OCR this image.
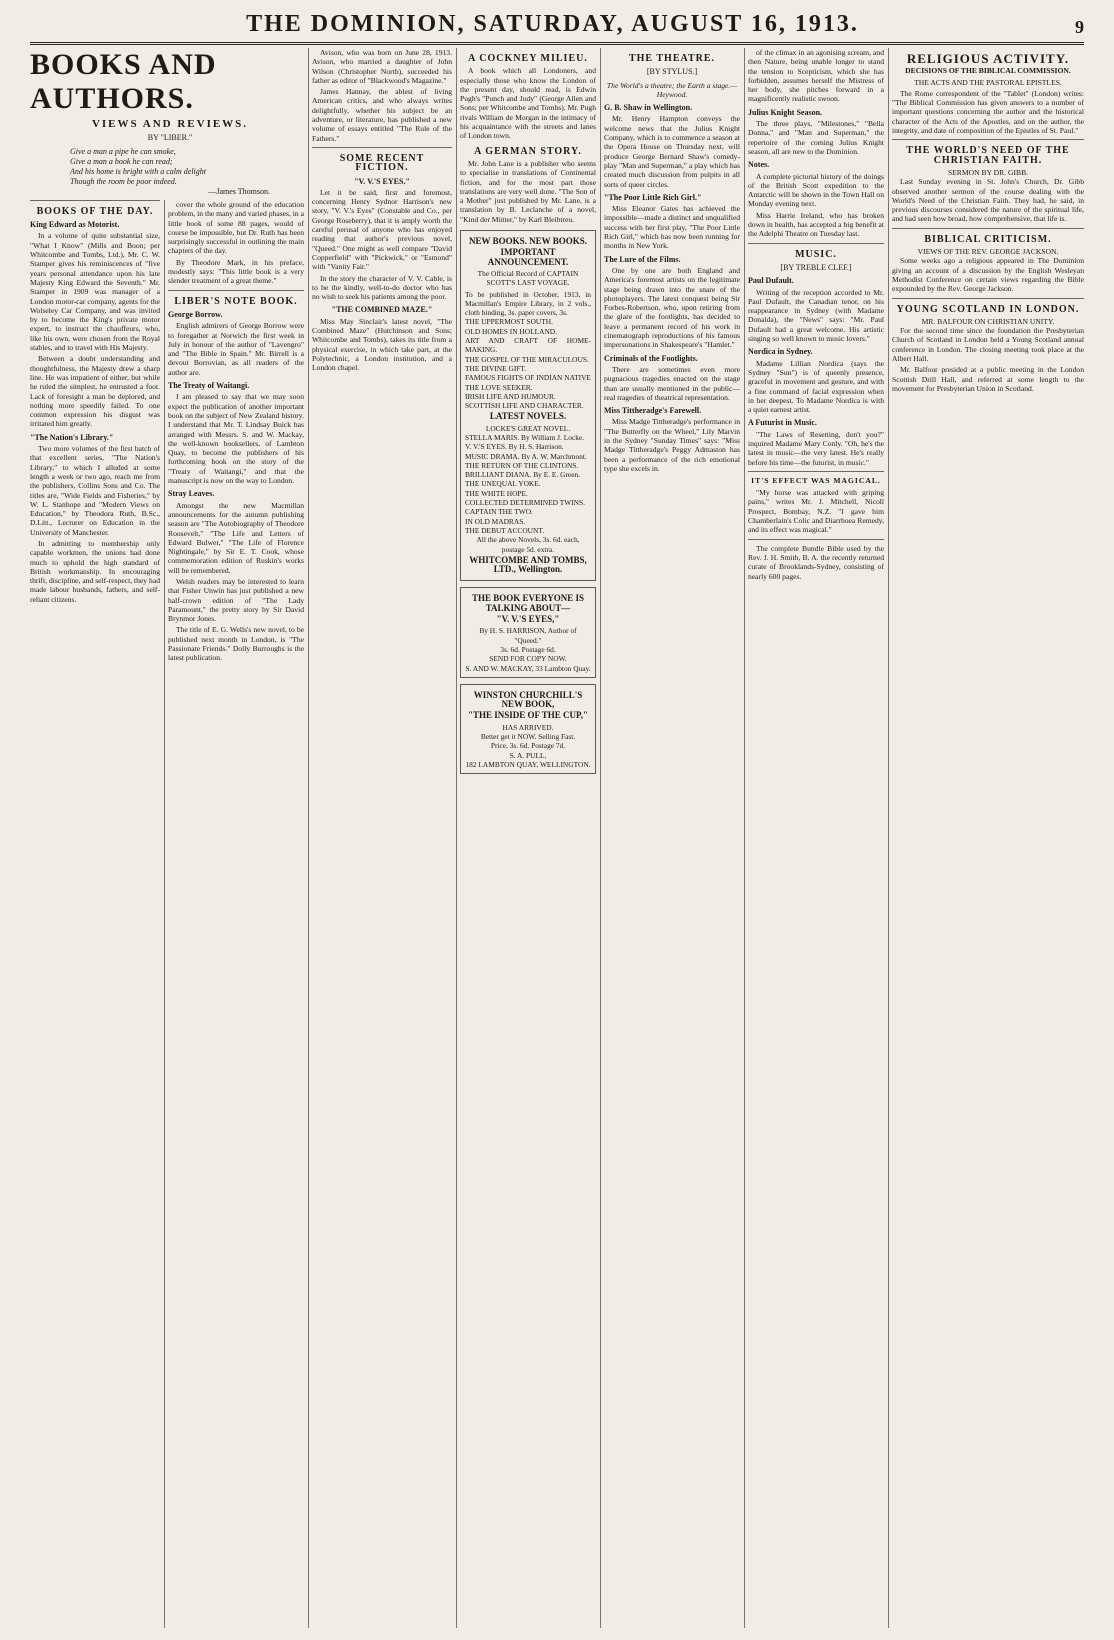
THE DOMINION, SATURDAY, AUGUST 16, 1913.	9
BOOKS AND AUTHORS.
VIEWS AND REVIEWS.
BY "LIBER."
Give a man a pipe he can smoke,
Give a man a book he can read;
And his home is bright with a calm delight
Though the room be poor indeed.
—James Thomson.
BOOKS OF THE DAY.
King Edward as Motorist.

In a volume of quite substantial size, "What I Know" (Mills and Boon; per Whitcombe and Tombs, Ltd.), Mr. C. W. Stamper gives his reminiscences of "five years personal attendance upon his late Majesty King Edward the Seventh." Mr. Stamper in 1909 was manager of a London motor-car company, agents for the Wolseley Car Company, and was invited by to become the King's private motor expert, to instruct the chauffeurs, who, like his own, were chosen from the Royal stables, and to travel with His Majesty.

Between a doubt understanding and thoughtfulness, the Majesty drew a sharp line. He was impatient of either, but while he ruled the simplest, he entrusted a foot. Lack of foresight a man be deplored, and nothing more speedily failed. To one common expression his disgust was irritated him greatly.

"The Nation's Library."

Two more volumes of the first batch of that excellent series, "The Nation's Library," to which I alluded at some length a week or two ago, reach me from the publishers, Collins Sons and Co. The titles are, "Wide Fields and Fisheries," by W. L. Stanhope and "Modern Views on Education," by Theodora Ruth, B.Sc., D.Litt., Lecturer on Education in the University of Manchester.

In admitting to membership only capable workmen, the unions had done much to uphold the high standard of British workmanship. In encouraging thrift, discipline, and self-respect, they had made labour husbands, fathers, and self-reliant citizens.

cover the whole ground of the education problem, in the many and varied phases, in a little book of some 88 pages, would of course be impossible, but Dr. Ruth has been surprisingly successful in outlining the main chapters of the day.

By Theodore Mark, in his preface, modestly says: "This little book is a very slender treatment of a great theme."

LIBER'S NOTE BOOK.
George Borrow.

English admirers of George Borrow were to foregather at Norwich the first week in July in honour of the author of "Lavengro" and "The Bible in Spain." Mr. Birrell is a devout Borrovian, as all readers of the author are.

The Treaty of Waitangi.

I am pleased to say that we may soon expect the publication of another important book on the subject of New Zealand history. I understand that Mr. T. Lindsay Buick has arranged with Messrs. S. and W. Mackay, the well-known booksellers, of Lambton Quay, to become the publishers of his forthcoming book on the story of the "Treaty of Waitangi," and that the manuscript is now on the way to London.

Stray Leaves.

Amongst the new Macmillan announcements for the autumn publishing season are "The Autobiography of Theodore Roosevelt," "The Life and Letters of Edward Bulwer," "The Life of Florence Nightingale," by Sir E. T. Cook, whose commemoration edition of Ruskin's works will be remembered.

Welsh readers may be interested to learn that Fisher Unwin has just published a new half-crown edition of "The Lady Paramount," the pretty story by Sir David Brynmor Jones.

The title of E. G. Wells's new novel, to be published next month in London, is "The Passionate Friends." Dolly Burroughs is the latest publication.

Avison, who was born on June 28, 1913. Avison, who married a daughter of John Wilson (Christopher North), succeeded his father as editor of "Blackwood's Magazine."

James Hannay, the ablest of living American critics, and who always writes delightfully, whether his subject be an adventure, or literature, has published a new volume of essays entitled "The Rule of the Fathers."

SOME RECENT FICTION.
"V. V.'S EYES."

Let it be said, first and foremost, concerning Henry Sydnor Harrison's new story, "V. V.'s Eyes" (Constable and Co., per George Roseberry), that it is amply worth the careful perusal of anyone who has enjoyed reading that author's previous novel, "Queed." One might as well compare "David Copperfield" with "Pickwick," or "Esmond" with "Vanity Fair."

In the story the character of V. V. Cable, is to be the kindly, well-to-do doctor who has no wish to seek his patients among the poor.

"THE COMBINED MAZE."

Miss May Sinclair's latest novel, "The Combined Maze" (Hutchinson and Sons; Whitcombe and Tombs), takes its title from a physical exercise, in which take part, at the Polytechnic, a London institution, and a London chapel.

A COCKNEY MILIEU.

A book which all Londoners, and especially those who know the London of the present day, should read, is Edwin Pugh's "Punch and Judy" (George Allen and Sons; per Whitcombe and Tombs). Mr. Pugh rivals William de Morgan in the intimacy of his acquaintance with the streets and lanes of London town.

A GERMAN STORY.

Mr. John Lane is a publisher who seems to specialise in translations of Continental fiction, and for the most part those translations are very well done. "The Son of a Mother" just published by Mr. Lane, is a translation by B. Leclanche of a novel, "Kind der Mütter," by Karl Bleibtreu.

NEW BOOKS. NEW BOOKS.
IMPORTANT ANNOUNCEMENT.
The Official Record of CAPTAIN SCOTT'S LAST VOYAGE.
To be published in October, 1913, in Macmillan's Empire Library, in 2 vols., cloth binding, 3s. paper covers, 3s.
THE UPPERMOST SOUTH.
OLD HOMES IN HOLLAND.
ART AND CRAFT OF HOME-MAKING.
THE GOSPEL OF THE MIRACULOUS.
THE DIVINE GIFT.
FAMOUS FIGHTS OF INDIAN NATIVE
THE LOVE SEEKER.
IRISH LIFE AND HUMOUR.
SCOTTISH LIFE AND CHARACTER.
LATEST NOVELS.
LOCKE'S GREAT NOVEL.
STELLA MARIS. By William J. Locke.
V. V.'S EYES. By H. S. Harrison.
MUSIC DRAMA. By A. W. Marchmont.
THE RETURN OF THE CLINTONS.
BRILLIANT DIANA. By E. E. Green.
THE UNEQUAL YOKE.
THE WHITE HOPE.
COLLECTED DETERMINED TWINS.
CAPTAIN THE TWO.
IN OLD MADRAS.
THE DEBUT ACCOUNT.
All the above Novels, 3s. 6d. each, postage 5d. extra.
WHITCOMBE AND TOMBS, LTD., Wellington.
THE BOOK EVERYONE IS TALKING ABOUT—
"V. V.'S EYES,"
By H. S. HARRISON, Author of "Queed."
3s. 6d. Postage 6d.
SEND FOR COPY NOW.
S. AND W. MACKAY, 33 Lambton Quay.
WINSTON CHURCHILL'S NEW BOOK,
"THE INSIDE OF THE CUP,"
HAS ARRIVED.
Better get it NOW. Selling Fast.
Price, 3s. 6d. Postage 7d.
S. A. PULL,
182 LAMBTON QUAY, WELLINGTON.
THE THEATRE.
[BY STYLUS.]
The World's a theatre; the Earth a stage.—Heywood.
G. B. Shaw in Wellington.

Mr. Henry Hampton conveys the welcome news that the Julius Knight Company, which is to commence a season at the Opera House on Thursday next, will produce George Bernard Shaw's comedy-play "Man and Superman," a play which has created much discussion from pulpits in all sorts of queer circles.

"The Poor Little Rich Girl."

Miss Eleanor Gates has achieved the impossible—made a distinct and unqualified success with her first play, "The Poor Little Rich Girl," which has now been running for months in New York.

The Lure of the Films.

One by one are both England and America's foremost artists on the legitimate stage being drawn into the snare of the photoplayers. The latest conquest being Sir Forbes-Robertson, who, upon retiring from the glare of the footlights, has decided to leave a permanent record of his work in cinematograph reproductions of his famous impersonations in Shakespeare's "Hamlet."

Criminals of the Footlights.

There are sometimes even more pugnacious tragedies enacted on the stage than are usually mentioned in the public—real tragedies of theatrical representation.

Miss Tittheradge's Farewell.

Miss Madge Tittheradge's performance in "The Butterfly on the Wheel," Lily Marvin in the Sydney "Sunday Times" says: "Miss Madge Tittheradge's Peggy Admaston has been a performance of the rich emotional type she excels in.

of the climax in an agonising scream, and then Nature, being unable longer to stand the tension to Scepticism, which she has forbidden, assumes herself the Mistress of her body, she pitches forward in a magnificently realistic swoon.

Julius Knight Season.

The three plays, "Milestones," "Bella Donna," and "Man and Superman," the repertoire of the coming Julius Knight season, all are new to the Dominion.

Notes.

A complete pictorial history of the doings of the British Scott expedition to the Antarctic will be shown in the Town Hall on Monday evening next.

Miss Harrie Ireland, who has broken down in health, has accepted a big benefit at the Adelphi Theatre on Tuesday last.

MUSIC.
[BY TREBLE CLEF.]
Paul Dufault.

Writing of the reception accorded to Mr. Paul Dufault, the Canadian tenor, on his reappearance in Sydney (with Madame Donalda), the "News" says: "Mr. Paul Dufault had a great welcome. His artistic singing so well known to music lovers."

Nordica in Sydney.

Madame Lillian Nordica (says the Sydney "Sun") is of queenly presence, graceful in movement and gesture, and with a fine command of facial expression when in her deepest. To Madame Nordica is with a quiet earnest artist.

A Futurist in Music.

"The Laws of Resetting, don't you?" inquired Madame Mary Conly. "Oh, he's the latest in music—the very latest. He's really before his time—the futurist, in music."

IT'S EFFECT WAS MAGICAL.

"My horse was attacked with griping pains," writes Mr. J. Mitchell, Nicoll Prospect, Bombay, N.Z. "I gave him Chamberlain's Colic and Diarrhoea Remedy, and its effect was magical."

The complete Bundle Bible used by the Rev. J. H. Smith, B. A. the recently returned curate of Brooklands-Sydney, consisting of nearly 600 pages.

RELIGIOUS ACTIVITY.
DECISIONS OF THE BIBLICAL COMMISSION.
THE ACTS AND THE PASTORAL EPISTLES.

The Rome correspondent of the "Tablet" (London) writes: "The Biblical Commission has given answers to a number of important questions concerning the author and the historical character of the Acts of the Apostles, and on the author, the integrity, and date of composition of the Epistles of St. Paul."

THE WORLD'S NEED OF THE CHRISTIAN FAITH.
SERMON BY DR. GIBB.

Last Sunday evening in St. John's Church, Dr. Gibb observed another sermon of the course dealing with the World's Need of the Christian Faith. They had, he said, in previous discourses considered the nature of the spiritual life, and had seen how broad, how comprehensive, that life is.

BIBLICAL CRITICISM.
VIEWS OF THE REV. GEORGE JACKSON.

Some weeks ago a religious appeared in The Dominion giving an account of a discussion by the English Wesleyan Methodist Conference on certain views regarding the Bible expounded by the Rev. George Jackson.

YOUNG SCOTLAND IN LONDON.
MR. BALFOUR ON CHRISTIAN UNITY.

For the second time since the foundation the Presbyterian Church of Scotland in London held a Young Scotland annual conference in London. The closing meeting took place at the Albert Hall.

Mr. Balfour presided at a public meeting in the London Scottish Drill Hall, and referred at some length to the movement for Presbyterian Union in Scotland.
